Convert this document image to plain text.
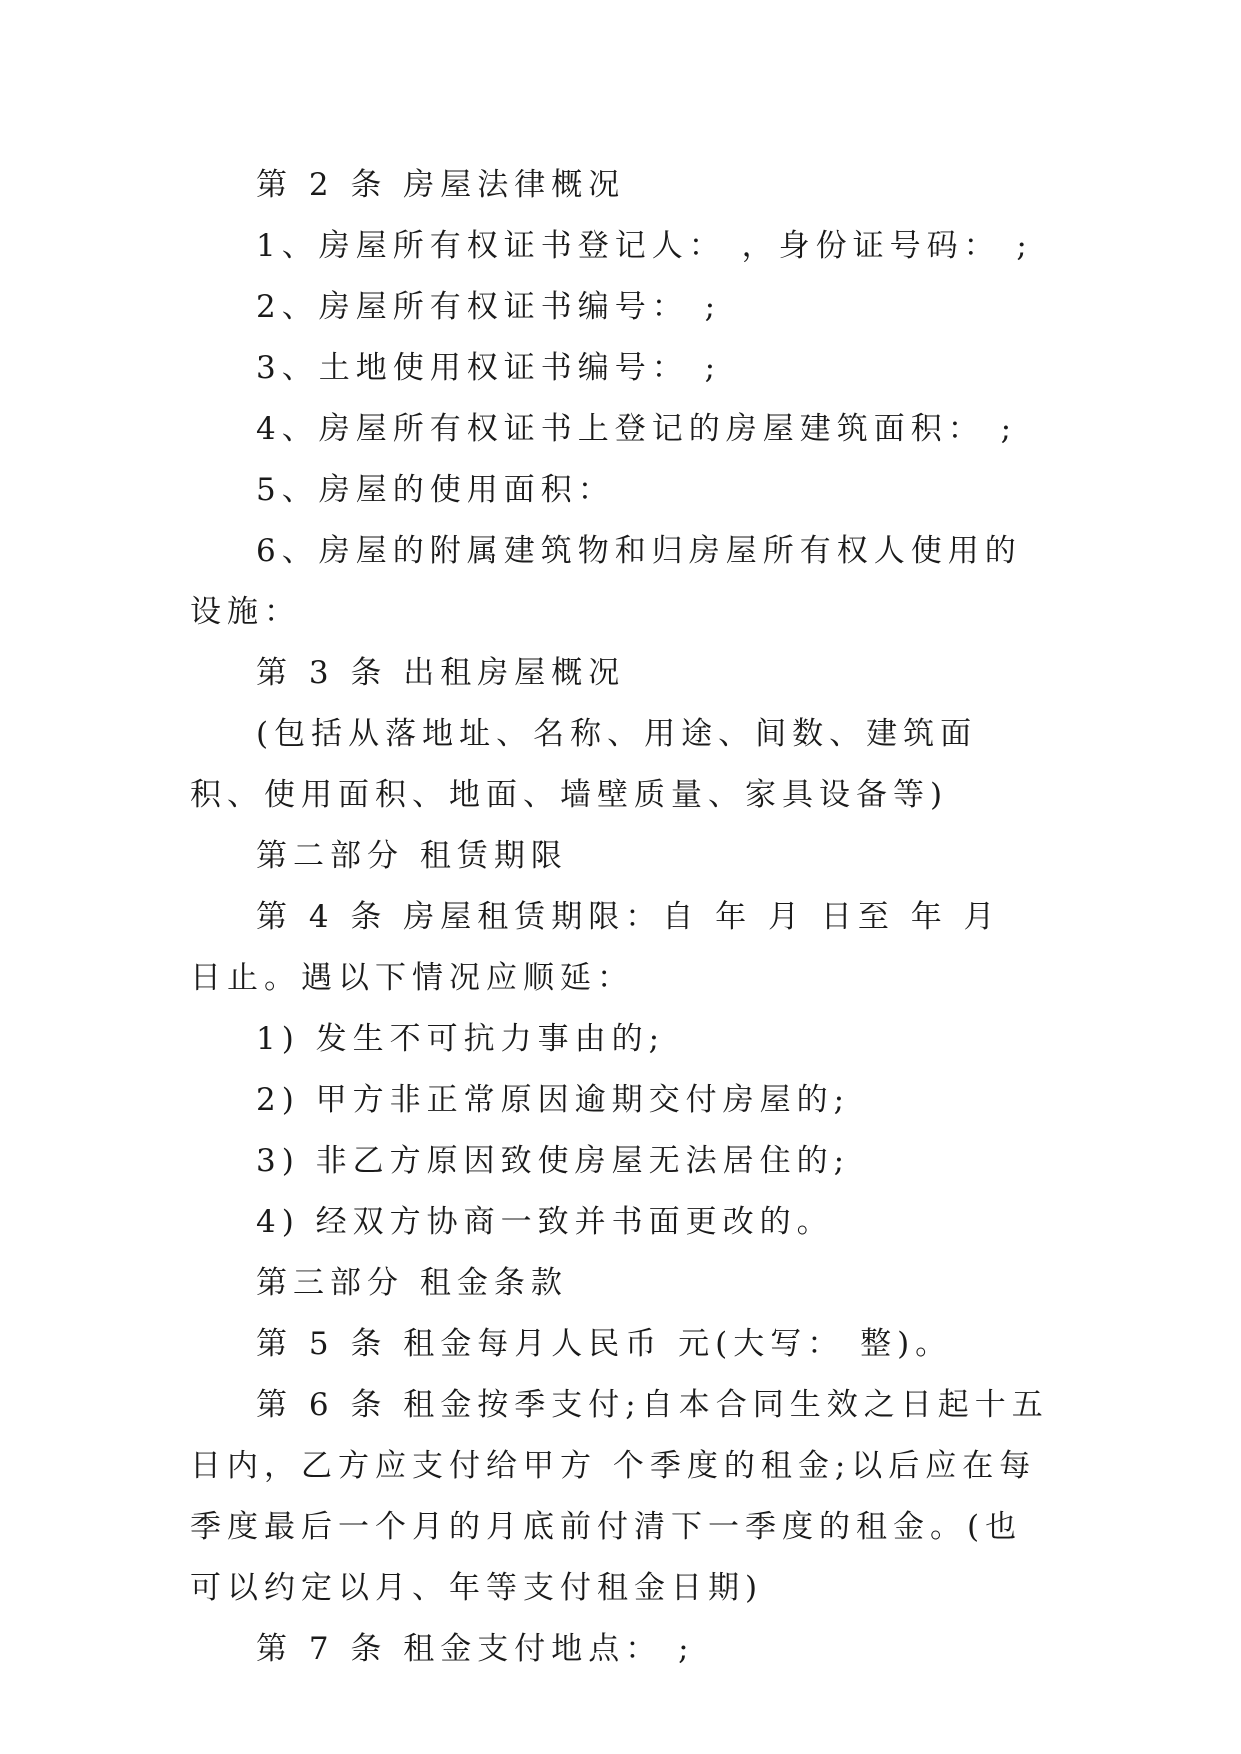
第 2 条 房屋法律概况

1、房屋所有权证书登记人： ，身份证号码： ;

2、房屋所有权证书编号： ;

3、土地使用权证书编号： ;

4、房屋所有权证书上登记的房屋建筑面积： ;

5、房屋的使用面积：

6、房屋的附属建筑物和归房屋所有权人使用的设施：

第 3 条 出租房屋概况

(包括从落地址、名称、用途、间数、建筑面积、使用面积、地面、墙壁质量、家具设备等)

第二部分 租赁期限

第 4 条 房屋租赁期限：自 年 月 日至 年 月 日止。遇以下情况应顺延：

1) 发生不可抗力事由的;

2) 甲方非正常原因逾期交付房屋的;

3) 非乙方原因致使房屋无法居住的;

4) 经双方协商一致并书面更改的。

第三部分 租金条款

第 5 条 租金每月人民币 元(大写： 整)。

第 6 条 租金按季支付;自本合同生效之日起十五日内，乙方应支付给甲方 个季度的租金;以后应在每季度最后一个月的月底前付清下一季度的租金。(也可以约定以月、年等支付租金日期)

第 7 条 租金支付地点： ;
